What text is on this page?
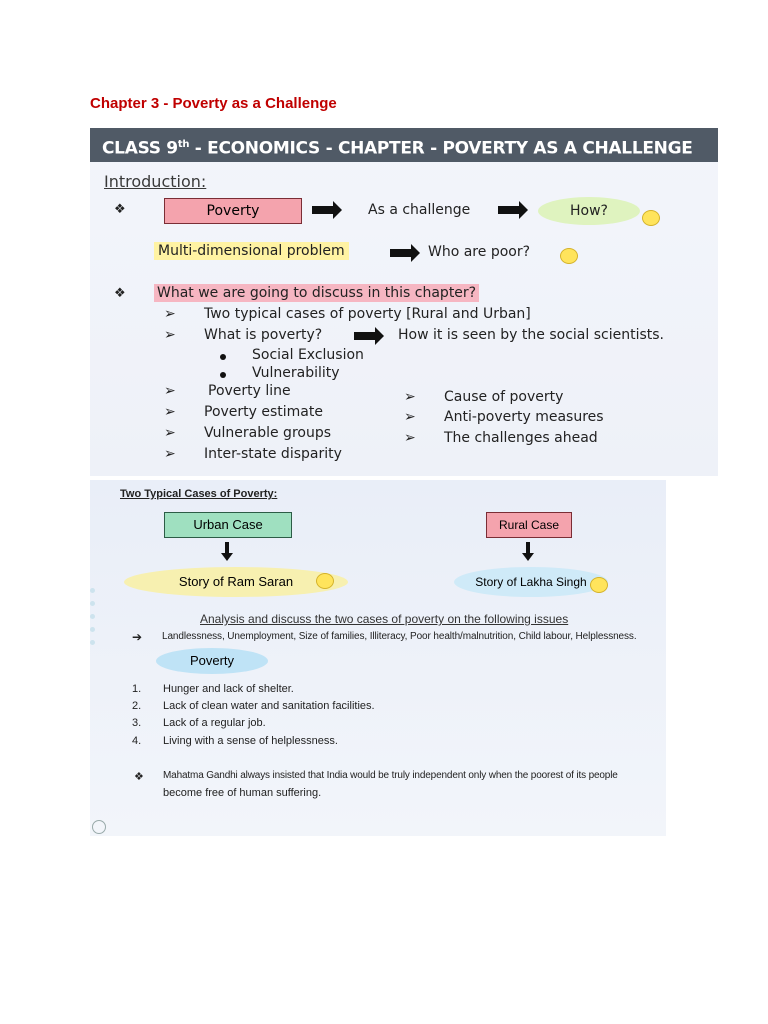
Chapter 3 - Poverty as a Challenge
CLASS 9th - ECONOMICS - CHAPTER - POVERTY AS A CHALLENGE
Introduction:
❖	Poverty	As a challenge	How?
Multi-dimensional problem	Who are poor?
❖ What we are going to discuss in this chapter?
➢ Two typical cases of poverty [Rural and Urban]
➢ What is poverty?	How it is seen by the social scientists.
Social Exclusion
Vulnerability
➢ Poverty line
➢ Poverty estimate
➢ Vulnerable groups
➢ Inter-state disparity
➢ Cause of poverty
➢ Anti-poverty measures
➢ The challenges ahead
Two Typical Cases of Poverty:
Urban Case	Rural Case
Story of Ram Saran	Story of Lakha Singh
Analysis and discuss the two cases of poverty on the following issues
➔ Landlessness, Unemployment, Size of families, Illiteracy, Poor health/malnutrition, Child labour, Helplessness.
Poverty
1. Hunger and lack of shelter.
2. Lack of clean water and sanitation facilities.
3. Lack of a regular job.
4. Living with a sense of helplessness.
❖ Mahatma Gandhi always insisted that India would be truly independent only when the poorest of its people
become free of human suffering.
